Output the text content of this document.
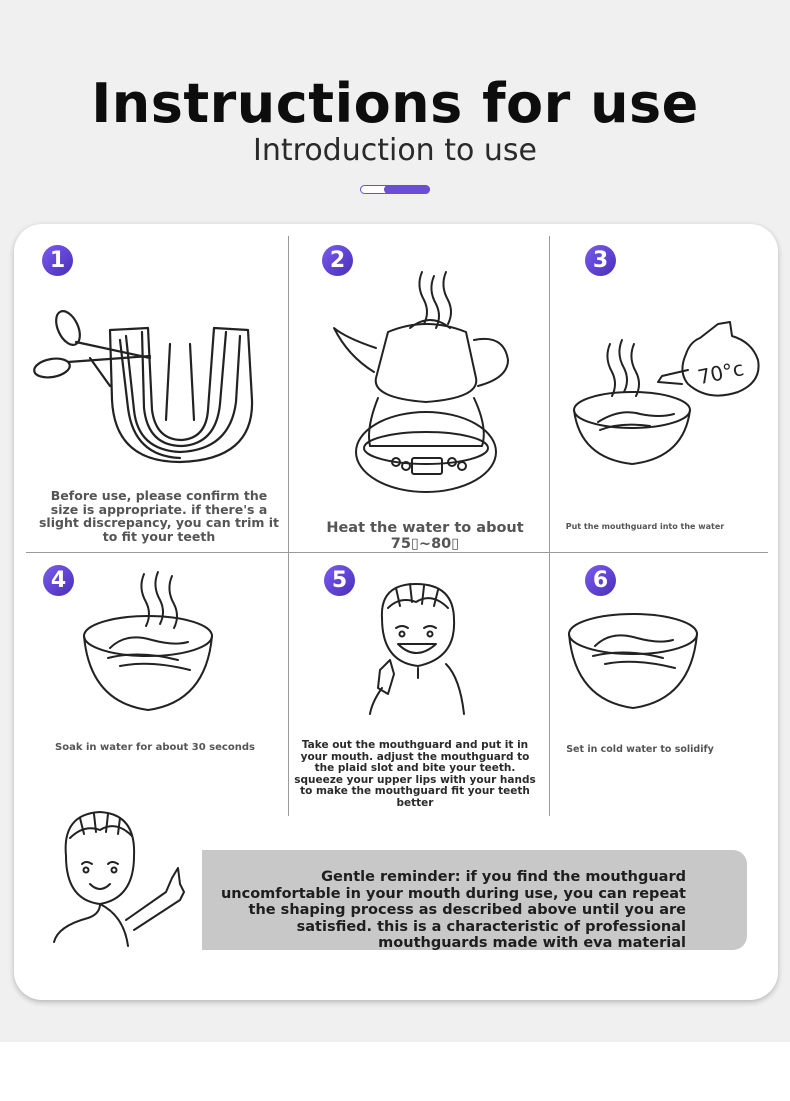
Instructions for use
Introduction to use
1
Before use, please confirm the size is appropriate. if there's a slight discrepancy, you can trim it to fit your teeth
2
Heat the water to about 75▯~80▯
3
70°c
Put the mouthguard into the water
4
Soak in water for about 30 seconds
5
Take out the mouthguard and put it in your mouth. adjust the mouthguard to the plaid slot and bite your teeth. squeeze your upper lips with your hands to make the mouthguard fit your teeth better
6
Set in cold water to solidify
Gentle reminder: if you find the mouthguard uncomfortable in your mouth during use, you can repeat the shaping process as described above until you are satisfied. this is a characteristic of professional mouthguards made with eva material
